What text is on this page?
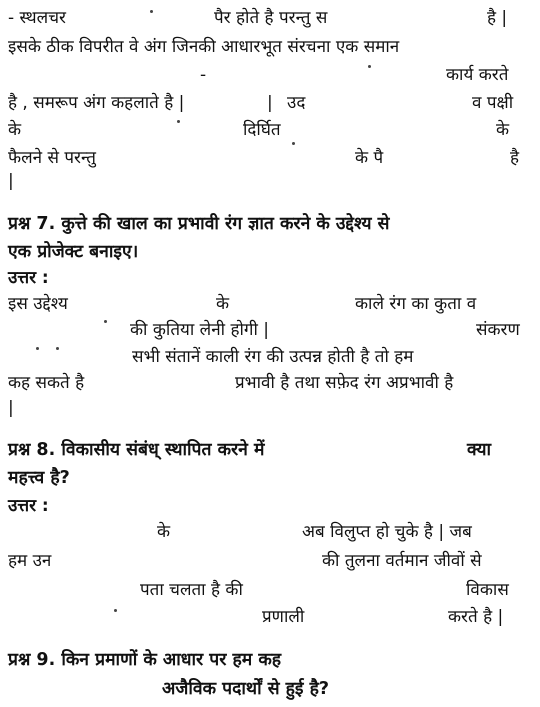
- स्थलचर	पैर होते है परन्तु स	है |
इसके ठीक विपरीत वे अंग जिनकी आधारभूत संरचना एक समान
-	कार्य करते
है , समरूप अंग कहलाते है |	| उद	व पक्षी
के	दिर्घित	के
फैलने से परन्तु	के पै	है
|
प्रश्न 7. कुत्ते की खाल का प्रभावी रंग ज्ञात करने के उद्देश्य से
एक प्रोजेक्ट बनाइए।
उत्तर :
इस उद्देश्य	के	काले रंग का कुता व
की कुतिया लेनी होगी |	संकरण
सभी संतानें काली रंग की उत्पन्न होती है तो हम
कह सकते है	प्रभावी है तथा सफ़ेद रंग अप्रभावी है
|
प्रश्न 8. विकासीय संबंध् स्थापित करने में	क्या
महत्त्व है?
उत्तर :
के	अब विलुप्त हो चुके है | जब
हम उन	की तुलना वर्तमान जीवों से
पता चलता है की	विकास
प्रणाली	करते है |
प्रश्न 9. किन प्रमाणों के आधार पर हम कह
अजैविक पदार्थों से हुई है?
